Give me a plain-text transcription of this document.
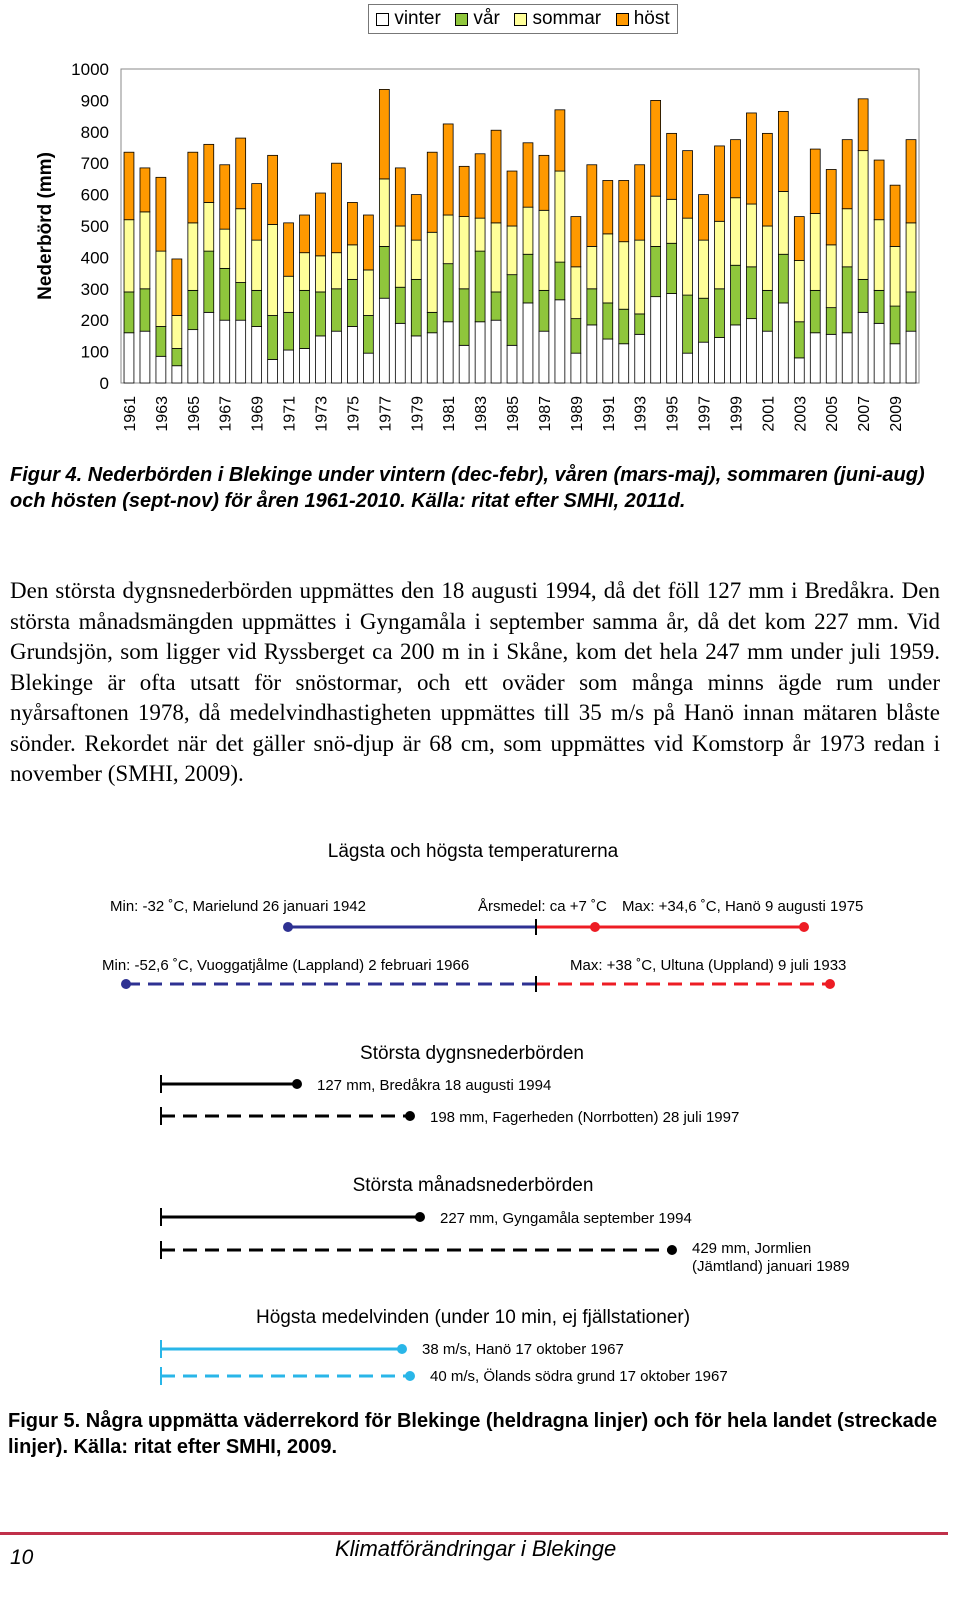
Nederbörd (mm)
0
100
200
300
400
500
600
700
800
900
1000
1961 1963 1965 1967 1969 1971 1973 1975 1977 1979 1981 1983 1985 1987 1989 1991 1993 1995 1997 1999 2001 2003 2005 2007 2009
vinter vår sommar höst

Figur 4. Nederbörden i Blekinge under vintern (dec-febr), våren (mars-maj), sommaren (juni-aug) och hösten (sept-nov) för åren 1961-2010. Källa: ritat efter SMHI, 2011d.

Den största dygnsnederbörden uppmättes den 18 augusti 1994, då det föll 127 mm i Bredåkra. Den största månadsmängden uppmättes i Gyngamåla i september samma år, då det kom 227 mm. Vid Grundsjön, som ligger vid Ryssberget ca 200 m in i Skåne, kom det hela 247 mm under juli 1959. Blekinge är ofta utsatt för snöstormar, och ett oväder som många minns ägde rum under nyårsaftonen 1978, då medelvindhastigheten uppmättes till 35 m/s på Hanö innan mätaren blåste sönder. Rekordet när det gäller snö-djup är 68 cm, som uppmättes vid Komstorp år 1973 redan i november (SMHI, 2009).

Lägsta och högsta temperaturerna
Min: -32 ˚C, Marielund 26 januari 1942	Årsmedel: ca +7 ˚C Max: +34,6 ˚C, Hanö 9 augusti 1975
Min: -52,6 ˚C, Vuoggatjålme (Lappland) 2 februari 1966	Max: +38 ˚C, Ultuna (Uppland) 9 juli 1933
Största dygnsnederbörden
127 mm, Bredåkra 18 augusti 1994
198 mm, Fagerheden (Norrbotten) 28 juli 1997
Största månadsnederbörden
227 mm, Gyngamåla september 1994
429 mm, Jormlien
(Jämtland) januari 1989
Högsta medelvinden (under 10 min, ej fjällstationer)
38 m/s, Hanö 17 oktober 1967
40 m/s, Ölands södra grund 17 oktober 1967

Figur 5. Några uppmätta väderrekord för Blekinge (heldragna linjer) och för hela landet (streckade linjer). Källa: ritat efter SMHI, 2009.

10	Klimatförändringar i Blekinge
